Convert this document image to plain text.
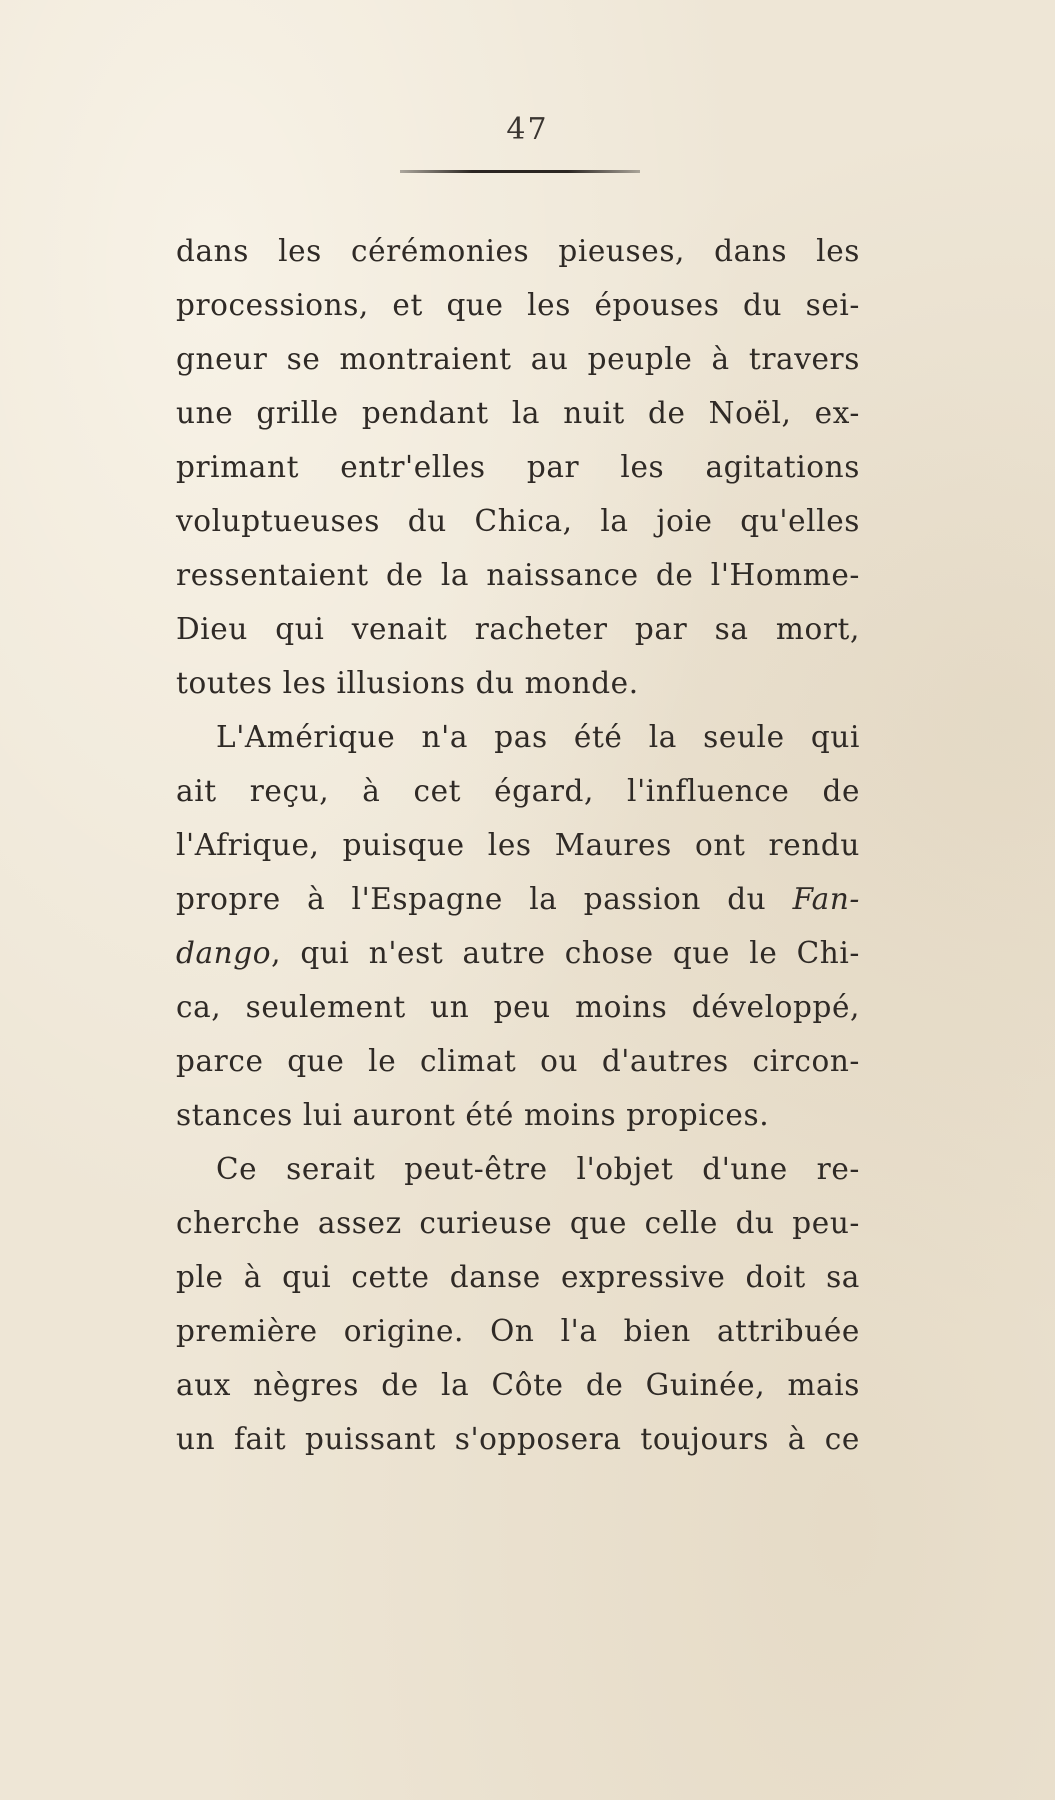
47
dans les cérémonies pieuses, dans les
processions, et que les épouses du sei-
gneur se montraient au peuple à travers
une grille pendant la nuit de Noël, ex-
primant entr'elles par les agitations
voluptueuses du Chica, la joie qu'elles
ressentaient de la naissance de l'Homme-
Dieu qui venait racheter par sa mort,
toutes les illusions du monde.
L'Amérique n'a pas été la seule qui
ait reçu, à cet égard, l'influence de
l'Afrique, puisque les Maures ont rendu
propre à l'Espagne la passion du Fan-
dango, qui n'est autre chose que le Chi-
ca, seulement un peu moins développé,
parce que le climat ou d'autres circon-
stances lui auront été moins propices.
Ce serait peut-être l'objet d'une re-
cherche assez curieuse que celle du peu-
ple à qui cette danse expressive doit sa
première origine. On l'a bien attribuée
aux nègres de la Côte de Guinée, mais
un fait puissant s'opposera toujours à ce
